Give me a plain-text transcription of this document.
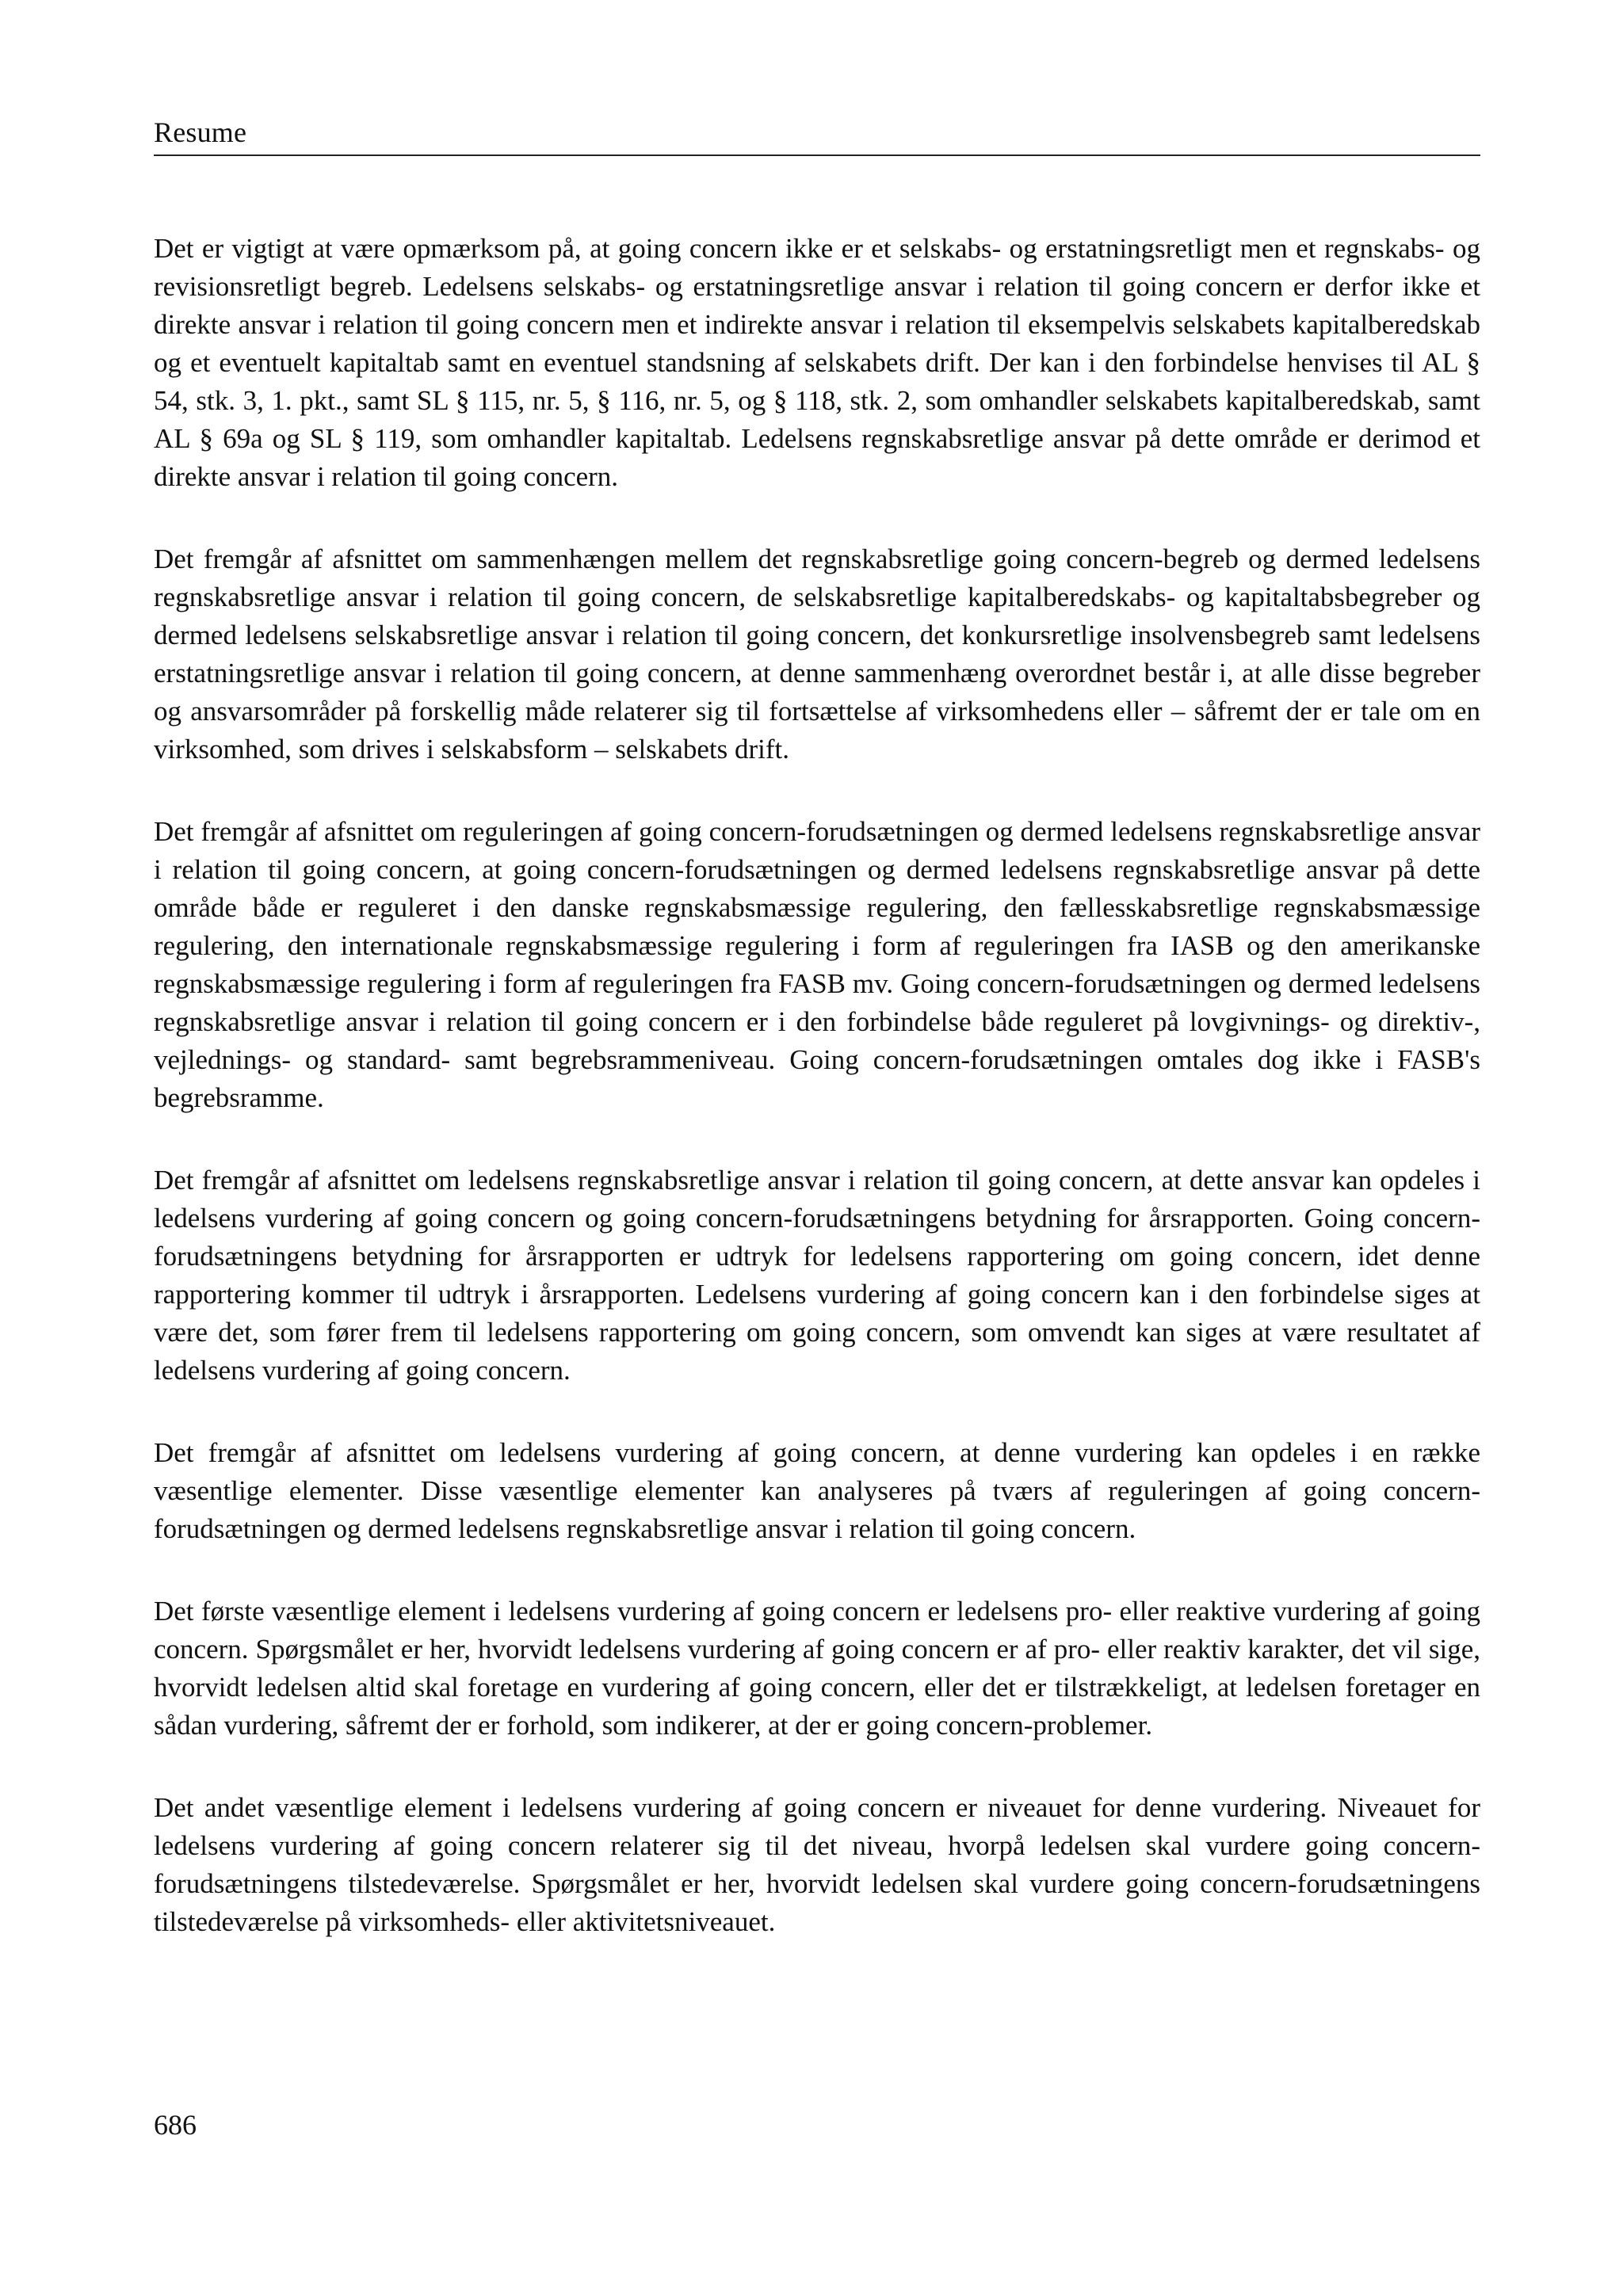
Resume

Det er vigtigt at være opmærksom på, at going concern ikke er et selskabs- og erstatningsretligt men et regnskabs- og revisionsretligt begreb. Ledelsens selskabs- og erstatningsretlige ansvar i relation til going concern er derfor ikke et direkte ansvar i relation til going concern men et indirekte ansvar i relation til eksempelvis selskabets kapitalberedskab og et eventuelt kapitaltab samt en eventuel standsning af selskabets drift. Der kan i den forbindelse henvises til AL § 54, stk. 3, 1. pkt., samt SL § 115, nr. 5, § 116, nr. 5, og § 118, stk. 2, som omhandler selskabets kapitalberedskab, samt AL § 69a og SL § 119, som omhandler kapitaltab. Ledelsens regnskabsretlige ansvar på dette område er derimod et direkte ansvar i relation til going concern.

Det fremgår af afsnittet om sammenhængen mellem det regnskabsretlige going concern-begreb og dermed ledelsens regnskabsretlige ansvar i relation til going concern, de selskabsretlige kapitalberedskabs- og kapitaltabsbegreber og dermed ledelsens selskabsretlige ansvar i relation til going concern, det konkursretlige insolvensbegreb samt ledelsens erstatningsretlige ansvar i relation til going concern, at denne sammenhæng overordnet består i, at alle disse begreber og ansvarsområder på forskellig måde relaterer sig til fortsættelse af virksomhedens eller – såfremt der er tale om en virksomhed, som drives i selskabsform – selskabets drift.

Det fremgår af afsnittet om reguleringen af going concern-forudsætningen og dermed ledelsens regnskabsretlige ansvar i relation til going concern, at going concern-forudsætningen og dermed ledelsens regnskabsretlige ansvar på dette område både er reguleret i den danske regnskabsmæssige regulering, den fællesskabsretlige regnskabsmæssige regulering, den internationale regnskabsmæssige regulering i form af reguleringen fra IASB og den amerikanske regnskabsmæssige regulering i form af reguleringen fra FASB mv. Going concern-forudsætningen og dermed ledelsens regnskabsretlige ansvar i relation til going concern er i den forbindelse både reguleret på lovgivnings- og direktiv-, vejlednings- og standard- samt begrebsrammeniveau. Going concern-forudsætningen omtales dog ikke i FASB's begrebsramme.

Det fremgår af afsnittet om ledelsens regnskabsretlige ansvar i relation til going concern, at dette ansvar kan opdeles i ledelsens vurdering af going concern og going concern-forudsætningens betydning for årsrapporten. Going concern-forudsætningens betydning for årsrapporten er udtryk for ledelsens rapportering om going concern, idet denne rapportering kommer til udtryk i årsrapporten. Ledelsens vurdering af going concern kan i den forbindelse siges at være det, som fører frem til ledelsens rapportering om going concern, som omvendt kan siges at være resultatet af ledelsens vurdering af going concern.

Det fremgår af afsnittet om ledelsens vurdering af going concern, at denne vurdering kan opdeles i en række væsentlige elementer. Disse væsentlige elementer kan analyseres på tværs af reguleringen af going concern-forudsætningen og dermed ledelsens regnskabsretlige ansvar i relation til going concern.

Det første væsentlige element i ledelsens vurdering af going concern er ledelsens pro- eller reaktive vurdering af going concern. Spørgsmålet er her, hvorvidt ledelsens vurdering af going concern er af pro- eller reaktiv karakter, det vil sige, hvorvidt ledelsen altid skal foretage en vurdering af going concern, eller det er tilstrækkeligt, at ledelsen foretager en sådan vurdering, såfremt der er forhold, som indikerer, at der er going concern-problemer.

Det andet væsentlige element i ledelsens vurdering af going concern er niveauet for denne vurdering. Niveauet for ledelsens vurdering af going concern relaterer sig til det niveau, hvorpå ledelsen skal vurdere going concern-forudsætningens tilstedeværelse. Spørgsmålet er her, hvorvidt ledelsen skal vurdere going concern-forudsætningens tilstedeværelse på virksomheds- eller aktivitetsniveauet.

686
